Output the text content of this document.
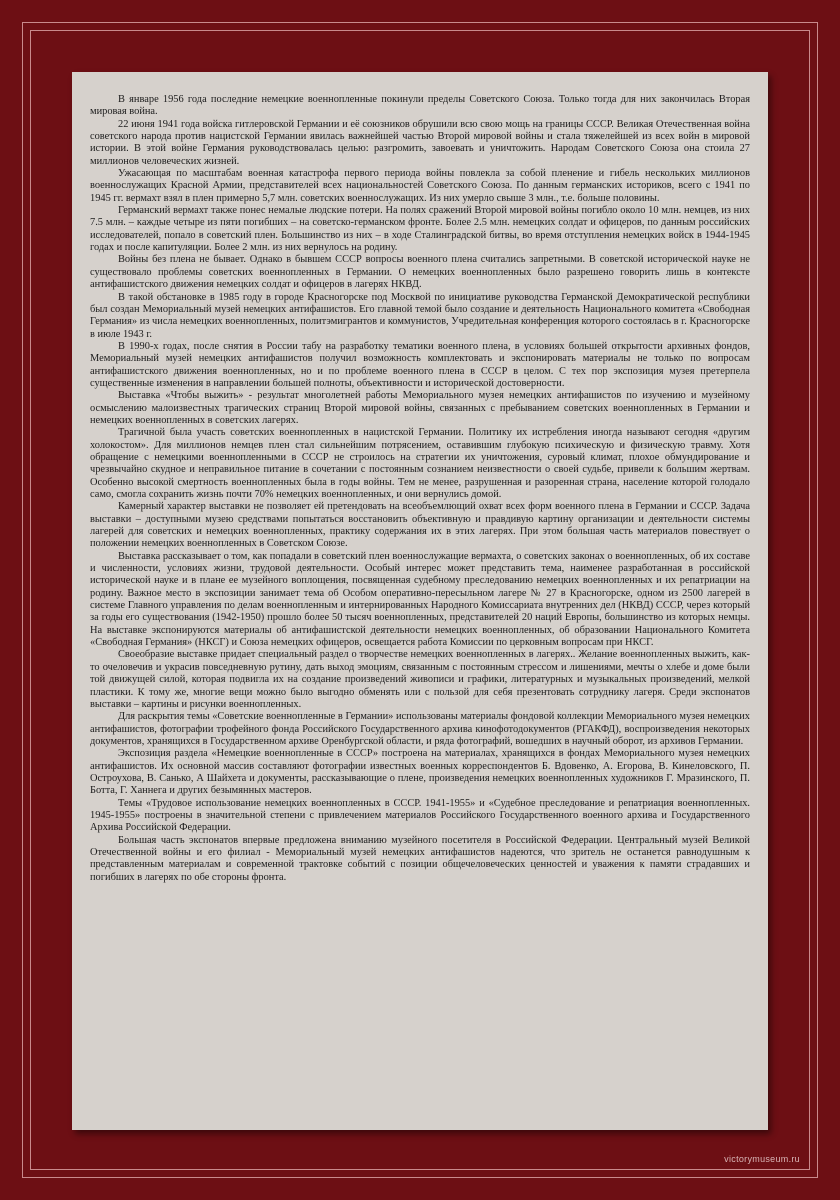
В январе 1956 года последние немецкие военнопленные покинули пределы Советского Союза. Только тогда для них закончилась Вторая мировая война.

22 июня 1941 года войска гитлеровской Германии и её союзников обрушили всю свою мощь на границы СССР. Великая Отечественная война советского народа против нацистской Германии явилась важнейшей частью Второй мировой войны и стала тяжелейшей из всех войн в мировой истории. В этой войне Германия руководствовалась целью: разгромить, завоевать и уничтожить. Народам Советского Союза она стоила 27 миллионов человеческих жизней.

Ужасающая по масштабам военная катастрофа первого периода войны повлекла за собой пленение и гибель нескольких миллионов военнослужащих Красной Армии, представителей всех национальностей Советского Союза. По данным германских историков, всего с 1941 по 1945 гг. вермахт взял в плен примерно 5,7 млн. советских военнослужащих. Из них умерло свыше 3 млн., т.е. больше половины.

Германский вермахт также понес немалые людские потери. На полях сражений Второй мировой войны погибло около 10 млн. немцев, из них 7.5 млн. – каждые четыре из пяти погибших – на советско-германском фронте. Более 2.5 млн. немецких солдат и офицеров, по данным российских исследователей, попало в советский плен. Большинство из них – в ходе Сталинградской битвы, во время отступления немецких войск в 1944-1945 годах и после капитуляции. Более 2 млн. из них вернулось на родину.

Войны без плена не бывает. Однако в бывшем СССР вопросы военного плена считались запретными. В советской исторической науке не существовало проблемы советских военнопленных в Германии. О немецких военнопленных было разрешено говорить лишь в контексте антифашистского движения немецких солдат и офицеров в лагерях НКВД.

В такой обстановке в 1985 году в городе Красногорске под Москвой по инициативе руководства Германской Демократической республики был создан Мемориальный музей немецких антифашистов. Его главной темой было создание и деятельность Национального комитета «Свободная Германия» из числа немецких военнопленных, политэмигрантов и коммунистов, Учредительная конференция которого состоялась в г. Красногорске в июле 1943 г.

В 1990-х годах, после снятия в России табу на разработку тематики военного плена, в условиях большей открытости архивных фондов, Мемориальный музей немецких антифашистов получил возможность комплектовать и экспонировать материалы не только по вопросам антифашистского движения военнопленных, но и по проблеме военного плена в СССР в целом. С тех пор экспозиция музея претерпела существенные изменения в направлении большей полноты, объективности и исторической достоверности.

Выставка «Чтобы выжить» - результат многолетней работы Мемориального музея немецких антифашистов по изучению и музейному осмыслению малоизвестных трагических страниц Второй мировой войны, связанных с пребыванием советских военнопленных в Германии и немецких военнопленных в советских лагерях.

Трагичной была участь советских военнопленных в нацистской Германии. Политику их истребления иногда называют сегодня «другим холокостом». Для миллионов немцев плен стал сильнейшим потрясением, оставившим глубокую психическую и физическую травму. Хотя обращение с немецкими военнопленными в СССР не строилось на стратегии их уничтожения, суровый климат, плохое обмундирование и чрезвычайно скудное и неправильное питание в сочетании с постоянным сознанием неизвестности о своей судьбе, привели к большим жертвам. Особенно высокой смертность военнопленных была в годы войны. Тем не менее, разрушенная и разоренная страна, население которой голодало само, смогла сохранить жизнь почти 70% немецких военнопленных, и они вернулись домой.

Камерный характер выставки не позволяет ей претендовать на всеобъемлющий охват всех форм военного плена в Германии и СССР. Задача выставки – доступными музею средствами попытаться восстановить объективную и правдивую картину организации и деятельности системы лагерей для советских и немецких военнопленных, практику содержания их в этих лагерях. При этом большая часть материалов повествует о положении немецких военнопленных в Советском Союзе.

Выставка рассказывает о том, как попадали в советский плен военнослужащие вермахта, о советских законах о военнопленных, об их составе и численности, условиях жизни, трудовой деятельности. Особый интерес может представить тема, наименее разработанная в российской исторической науке и в плане ее музейного воплощения, посвященная судебному преследованию немецких военнопленных и их репатриации на родину. Важное место в экспозиции занимает тема об Особом оперативно-пересыльном лагере № 27 в Красногорске, одном из 2500 лагерей в системе Главного управления по делам военнопленным и интернированных Народного Комиссариата внутренних дел (НКВД) СССР, через который за годы его существования (1942-1950) прошло более 50 тысяч военнопленных, представителей 20 наций Европы, большинство из которых немцы. На выставке экспонируются материалы об антифашистской деятельности немецких военнопленных, об образовании Национального Комитета «Свободная Германия» (НКСГ) и Союза немецких офицеров, освещается работа Комиссии по церковным вопросам при НКСГ.

Своеобразие выставке придает специальный раздел о творчестве немецких военнопленных в лагерях.. Желание военнопленных выжить, как-то очеловечив и украсив повседневную рутину, дать выход эмоциям, связанным с постоянным стрессом и лишениями, мечты о хлебе и доме были той движущей силой, которая подвигла их на создание произведений живописи и графики, литературных и музыкальных произведений, мелкой пластики. К тому же, многие вещи можно было выгодно обменять или с пользой для себя презентовать сотруднику лагеря. Среди экспонатов выставки – картины и рисунки военнопленных.

Для раскрытия темы «Советские военнопленные в Германии» использованы материалы фондовой коллекции Мемориального музея немецких антифашистов, фотографии трофейного фонда Российского Государственного архива кинофотодокументов (РГАКФД), воспроизведения некоторых документов, хранящихся в Государственном архиве Оренбургской области, и ряда фотографий, вошедших в научный оборот, из архивов Германии.

Экспозиция раздела «Немецкие военнопленные в СССР» построена на материалах, хранящихся в фондах Мемориального музея немецких антифашистов. Их основной массив составляют фотографии известных военных корреспондентов Б. Вдовенко, А. Егорова, В. Кинеловского, П. Остроухова, В. Санько, А Шайхета и документы, рассказывающие о плене, произведения немецких военнопленных художников Г. Мразинского, П. Ботта, Г. Ханнега и других безымянных мастеров.

Темы «Трудовое использование немецких военнопленных в СССР. 1941-1955» и «Судебное преследование и репатриация военнопленных. 1945-1955» построены в значительной степени с привлечением материалов Российского Государственного военного архива и Государственного Архива Российской Федерации.

Большая часть экспонатов впервые предложена вниманию музейного посетителя в Российской Федерации. Центральный музей Великой Отечественной войны и его филиал - Мемориальный музей немецких антифашистов надеются, что зритель не останется равнодушным к представленным материалам и современной трактовке событий с позиции общечеловеческих ценностей и уважения к памяти страдавших и погибших в лагерях по обе стороны фронта.

victorymuseum.ru
